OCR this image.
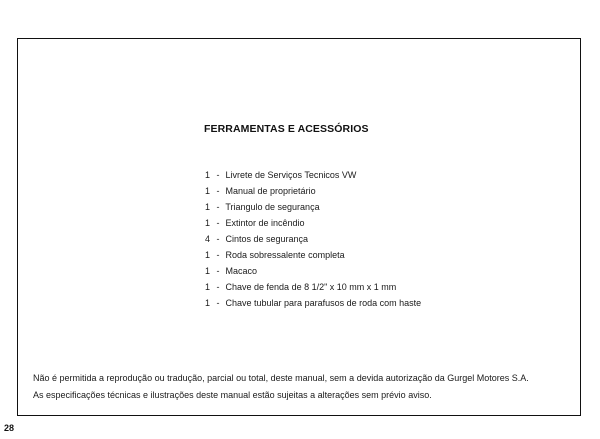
FERRAMENTAS E ACESSÓRIOS
1 - Livrete de Serviços Tecnicos VW
1 - Manual de proprietário
1 - Triangulo de segurança
1 - Extintor de incêndio
4 - Cintos de segurança
1 - Roda sobressalente completa
1 - Macaco
1 - Chave de fenda de 8 1/2" x 10 mm x 1 mm
1 - Chave tubular para parafusos de roda com haste
Não é permitida a reprodução ou tradução, parcial ou total, deste manual, sem a devida autorização da Gurgel Motores S.A.
As especificações técnicas e ilustrações deste manual estão sujeitas a alterações sem prévio aviso.
28
